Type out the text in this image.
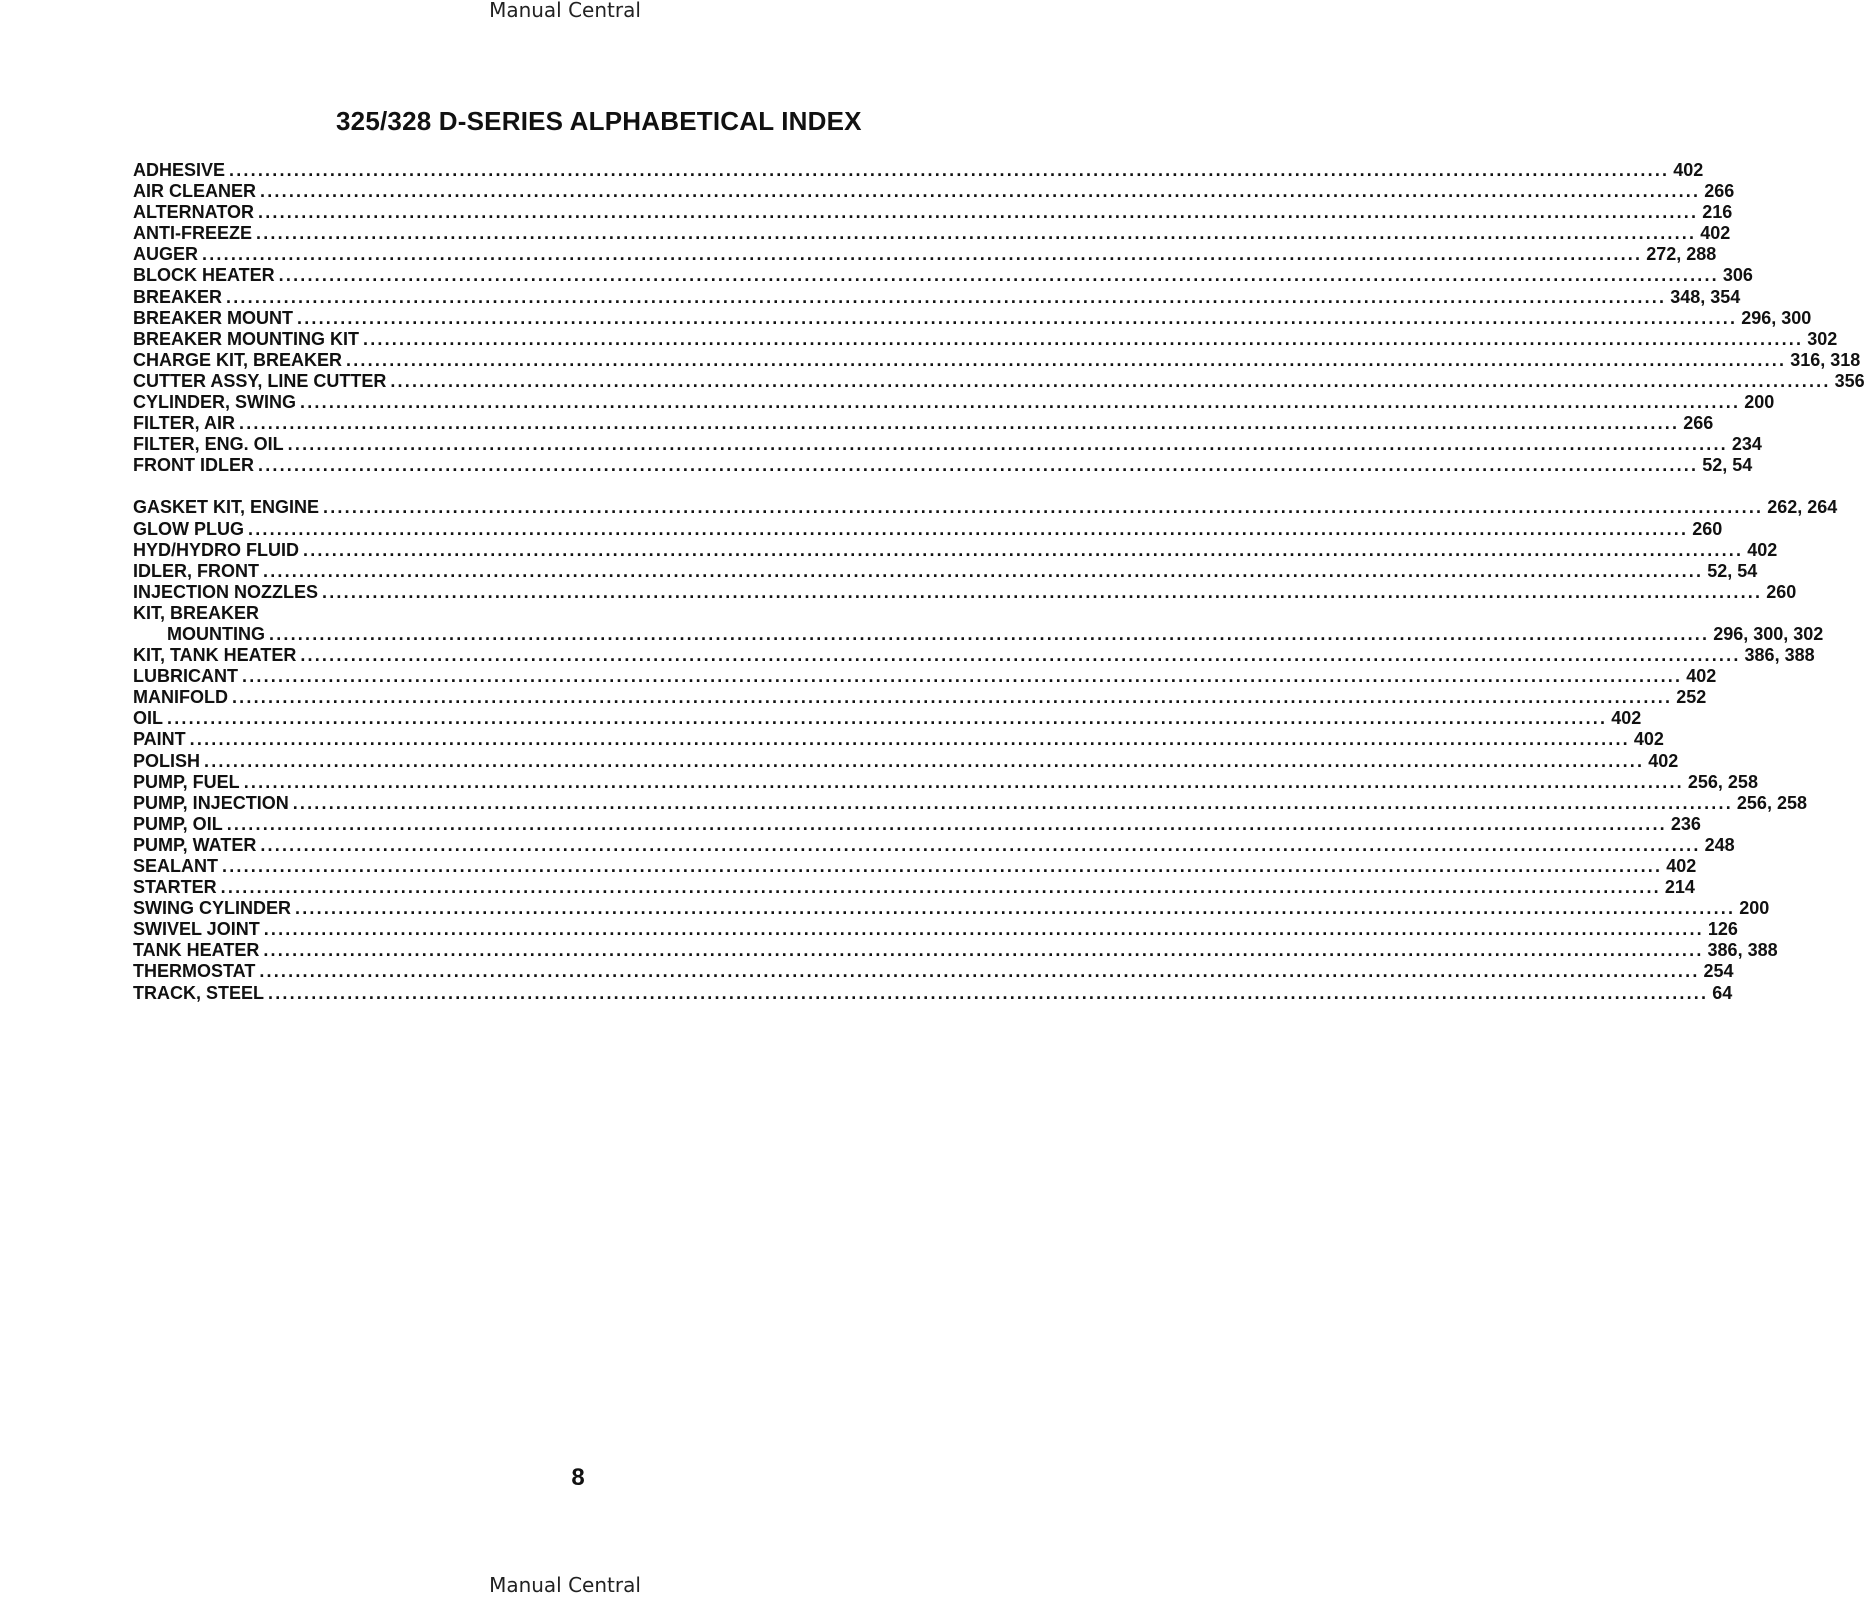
Manual Central
325/328 D-SERIES ALPHABETICAL INDEX
ADHESIVE ........................................................................................................................................................................................................ 402
AIR CLEANER ........................................................................................................................................................................................................ 266
ALTERNATOR ........................................................................................................................................................................................................ 216
ANTI-FREEZE ........................................................................................................................................................................................................ 402
AUGER ........................................................................................................................................................................................................ 272, 288
BLOCK HEATER ........................................................................................................................................................................................................ 306
BREAKER ........................................................................................................................................................................................................ 348, 354
BREAKER MOUNT ........................................................................................................................................................................................................ 296, 300
BREAKER MOUNTING KIT ........................................................................................................................................................................................................ 302
CHARGE KIT, BREAKER ........................................................................................................................................................................................................ 316, 318
CUTTER ASSY, LINE CUTTER ........................................................................................................................................................................................................ 356
CYLINDER, SWING ........................................................................................................................................................................................................ 200
FILTER, AIR ........................................................................................................................................................................................................ 266
FILTER, ENG. OIL ........................................................................................................................................................................................................ 234
FRONT IDLER ........................................................................................................................................................................................................ 52, 54
GASKET KIT, ENGINE ........................................................................................................................................................................................................ 262, 264
GLOW PLUG ........................................................................................................................................................................................................ 260
HYD/HYDRO FLUID ........................................................................................................................................................................................................ 402
IDLER, FRONT ........................................................................................................................................................................................................ 52, 54
INJECTION NOZZLES ........................................................................................................................................................................................................ 260
KIT, BREAKER
MOUNTING ........................................................................................................................................................................................................ 296, 300, 302
KIT, TANK HEATER ........................................................................................................................................................................................................ 386, 388
LUBRICANT ........................................................................................................................................................................................................ 402
MANIFOLD ........................................................................................................................................................................................................ 252
OIL ........................................................................................................................................................................................................ 402
PAINT ........................................................................................................................................................................................................ 402
POLISH ........................................................................................................................................................................................................ 402
PUMP, FUEL ........................................................................................................................................................................................................ 256, 258
PUMP, INJECTION ........................................................................................................................................................................................................ 256, 258
PUMP, OIL ........................................................................................................................................................................................................ 236
PUMP, WATER ........................................................................................................................................................................................................ 248
SEALANT ........................................................................................................................................................................................................ 402
STARTER ........................................................................................................................................................................................................ 214
SWING CYLINDER ........................................................................................................................................................................................................ 200
SWIVEL JOINT ........................................................................................................................................................................................................ 126
TANK HEATER ........................................................................................................................................................................................................ 386, 388
THERMOSTAT ........................................................................................................................................................................................................ 254
TRACK, STEEL ........................................................................................................................................................................................................ 64
8
Manual Central
